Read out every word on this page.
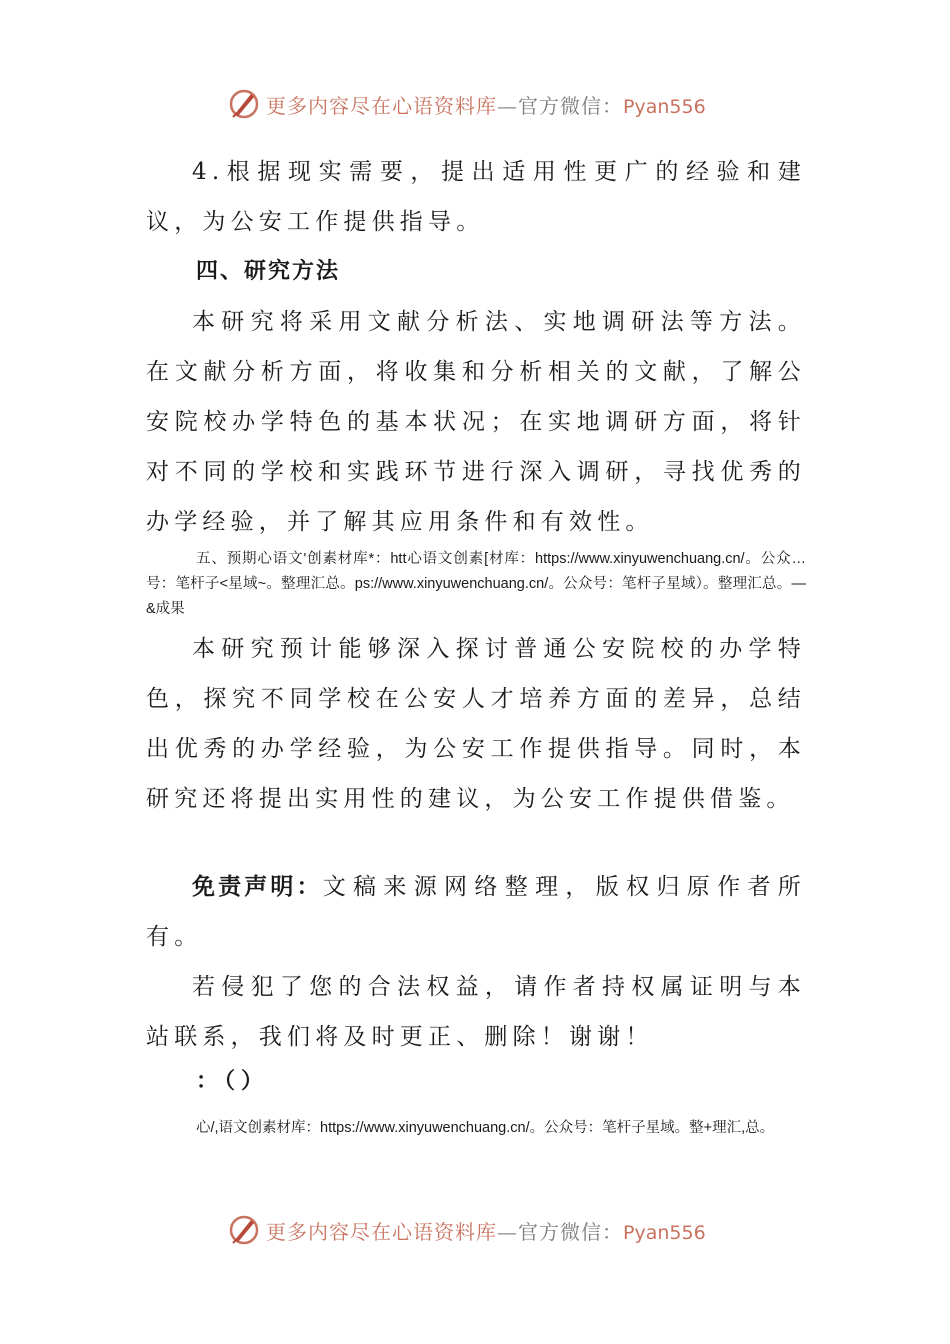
更多内容尽在心语资料库—官方微信：Pyan556

4.根据现实需要，提出适用性更广的经验和建议，为公安工作提供指导。

四、研究方法

本研究将采用文献分析法、实地调研法等方法。在文献分析方面，将收集和分析相关的文献，了解公安院校办学特色的基本状况；在实地调研方面，将针对不同的学校和实践环节进行深入调研，寻找优秀的办学经验，并了解其应用条件和有效性。

五、预期心语文'创素材库*：htt心语文创素[材库：https://www.xinyuwenchuang.cn/。公众…号：笔杆子<星域~。整理汇总。ps://www.xinyuwenchuang.cn/。公众号：笔杆子星域）。整理汇总。—&成果

本研究预计能够深入探讨普通公安院校的办学特色，探究不同学校在公安人才培养方面的差异，总结出优秀的办学经验，为公安工作提供指导。同时，本研究还将提出实用性的建议，为公安工作提供借鉴。

免责声明：文稿来源网络整理，版权归原作者所有。

若侵犯了您的合法权益，请作者持权属证明与本站联系，我们将及时更正、删除！谢谢！

：（）

心/,语文创素材库：https://www.xinyuwenchuang.cn/。公众号：笔杆子星域。整+理汇,总。

更多内容尽在心语资料库—官方微信：Pyan556
